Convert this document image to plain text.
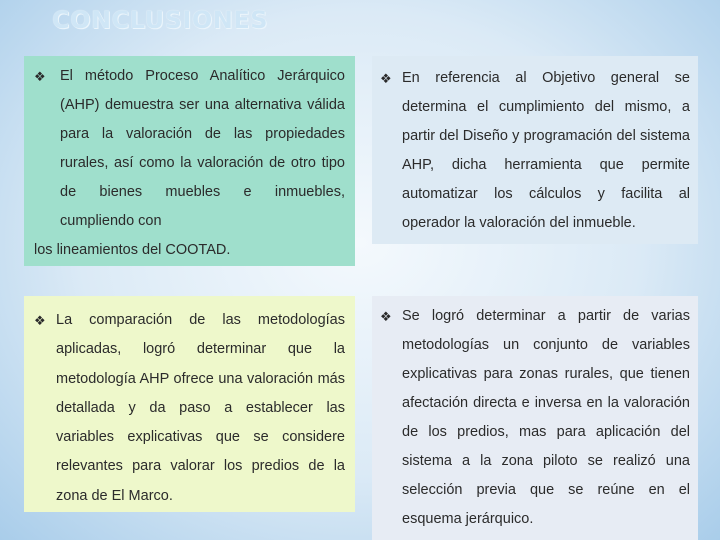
CONCLUSIONES

❖ El método Proceso Analítico Jerárquico (AHP) demuestra ser una alternativa válida para la valoración de las propiedades rurales, así como la valoración de otro tipo de bienes muebles e inmuebles, cumpliendo con

los lineamientos del COOTAD.

❖ En referencia al Objetivo general se determina el cumplimiento del mismo, a partir del Diseño y programación del sistema AHP, dicha herramienta que permite automatizar los cálculos y facilita al operador la valoración del inmueble.

❖ La comparación de las metodologías aplicadas, logró determinar que la metodología AHP ofrece una valoración más detallada y da paso a establecer las variables explicativas que se considere relevantes para valorar los predios de la zona de El Marco.

❖ Se logró determinar a partir de varias metodologías un conjunto de variables explicativas para zonas rurales, que tienen afectación directa e inversa en la valoración de los predios, mas para aplicación del sistema a la zona piloto se realizó una selección previa que se reúne en el esquema jerárquico.
